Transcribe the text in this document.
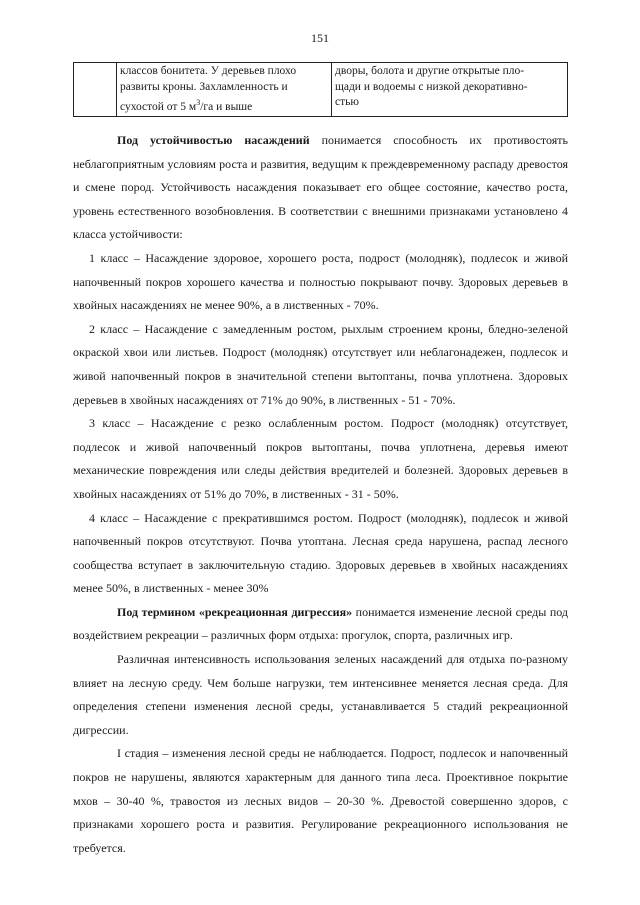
151
	классов бонитета. У деревьев плохо
развиты кроны. Захламленность и
сухостой от 5 $м^3/га$ и выше	дворы, болота и другие открытые пло-
щади и водоемы с низкой декоративно-
стью

Под устойчивостью насаждений понимается способность их противостоять неблагоприятным условиям роста и развития, ведущим к преждевременному распаду древостоя и смене пород. Устойчивость насаждения показывает его общее состояние, качество роста, уровень естественного возобновления. В соответствии с внешними признаками установлено 4 класса устойчивости:

1 класс – Насаждение здоровое, хорошего роста, подрост (молодняк), подлесок и живой напочвенный покров хорошего качества и полностью покрывают почву. Здоровых деревьев в хвойных насаждениях не менее 90%, а в лиственных - 70%.

2 класс – Насаждение с замедленным ростом, рыхлым строением кроны, бледно-зеленой окраской хвои или листьев. Подрост (молодняк) отсутствует или неблагонадежен, подлесок и живой напочвенный покров в значительной степени вытоптаны, почва уплотнена. Здоровых деревьев в хвойных насаждениях от 71% до 90%, в лиственных - 51 - 70%.

3 класс – Насаждение с резко ослабленным ростом. Подрост (молодняк) отсутствует, подлесок и живой напочвенный покров вытоптаны, почва уплотнена, деревья имеют механические повреждения или следы действия вредителей и болезней. Здоровых деревьев в хвойных насаждениях от 51% до 70%, в лиственных - 31 - 50%.

4 класс – Насаждение с прекратившимся ростом. Подрост (молодняк), подлесок и живой напочвенный покров отсутствуют. Почва утоптана. Лесная среда нарушена, распад лесного сообщества вступает в заключительную стадию. Здоровых деревьев в хвойных насаждениях менее 50%, в лиственных - менее 30%

Под термином «рекреационная дигрессия» понимается изменение лесной среды под воздействием рекреации – различных форм отдыха: прогулок, спорта, различных игр.

Различная интенсивность использования зеленых насаждений для отдыха по-разному влияет на лесную среду. Чем больше нагрузки, тем интенсивнее меняется лесная среда. Для определения степени изменения лесной среды, устанавливается 5 стадий рекреационной дигрессии.

I стадия – изменения лесной среды не наблюдается. Подрост, подлесок и напочвенный покров не нарушены, являются характерным для данного типа леса. Проективное покрытие мхов – 30-40 %, травостоя из лесных видов – 20-30 %. Древостой совершенно здоров, с признаками хорошего роста и развития. Регулирование рекреационного использования не требуется.
